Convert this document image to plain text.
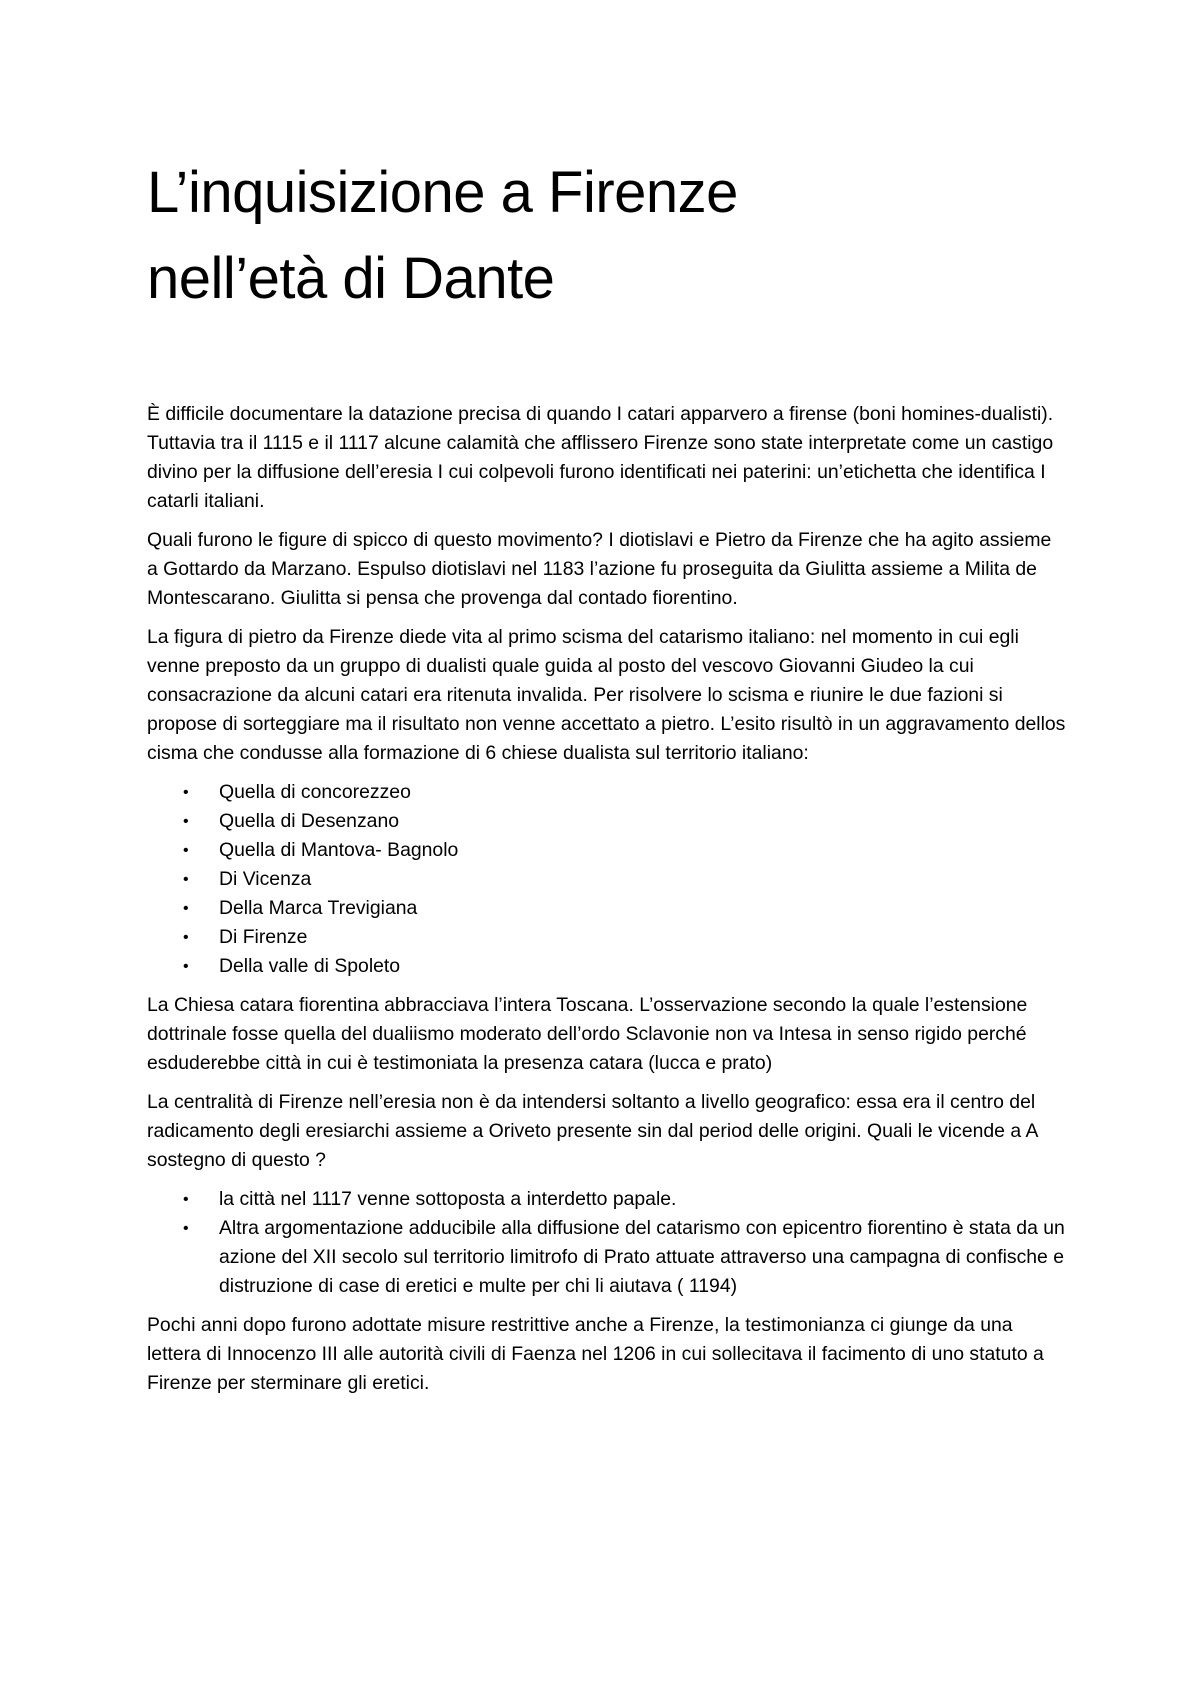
L’inquisizione a Firenze
nell’età di Dante

È difficile documentare la datazione precisa di quando I catari apparvero a firense (boni homines-dualisti). Tuttavia tra il 1115 e il 1117 alcune calamità che afflissero Firenze sono state interpretate come un castigo divino per la diffusione dell’eresia I cui colpevoli furono identificati nei paterini: un’etichetta che identifica I catarli italiani.

Quali furono le figure di spicco di questo movimento? I diotislavi e Pietro da Firenze che ha agito assieme a Gottardo da Marzano. Espulso diotislavi nel 1183 l’azione fu proseguita da Giulitta assieme a Milita de Montescarano. Giulitta si pensa che provenga dal contado fiorentino.

La figura di pietro da Firenze diede vita al primo scisma del catarismo italiano: nel momento in cui egli venne preposto da un gruppo di dualisti quale guida al posto del vescovo Giovanni Giudeo la cui consacrazione da alcuni catari era ritenuta invalida. Per risolvere lo scisma e riunire le due fazioni si propose di sorteggiare ma il risultato non venne accettato a pietro. L’esito risultò in un aggravamento dellos cisma che condusse alla formazione di 6 chiese dualista sul territorio italiano:

• Quella di concorezzeo
• Quella di Desenzano
• Quella di Mantova- Bagnolo
• Di Vicenza
• Della Marca Trevigiana
• Di Firenze
• Della valle di Spoleto

La Chiesa catara fiorentina abbracciava l’intera Toscana. L’osservazione secondo la quale l’estensione dottrinale fosse quella del dualiismo moderato dell’ordo Sclavonie non va Intesa in senso rigido perché esduderebbe città in cui è testimoniata la presenza catara (lucca e prato)

La centralità di Firenze nell’eresia non è da intendersi soltanto a livello geografico: essa era il centro del radicamento degli eresiarchi assieme a Oriveto presente sin dal period delle origini. Quali le vicende a A sostegno di questo ?

• la città nel 1117 venne sottoposta a interdetto papale.
• Altra argomentazione adducibile alla diffusione del catarismo con epicentro fiorentino è stata da un azione del XII secolo sul territorio limitrofo di Prato attuate attraverso una campagna di confische e distruzione di case di eretici e multe per chi li aiutava ( 1194)

Pochi anni dopo furono adottate misure restrittive anche a Firenze, la testimonianza ci giunge da una lettera di Innocenzo III alle autorità civili di Faenza nel 1206 in cui sollecitava il facimento di uno statuto a Firenze per sterminare gli eretici.
